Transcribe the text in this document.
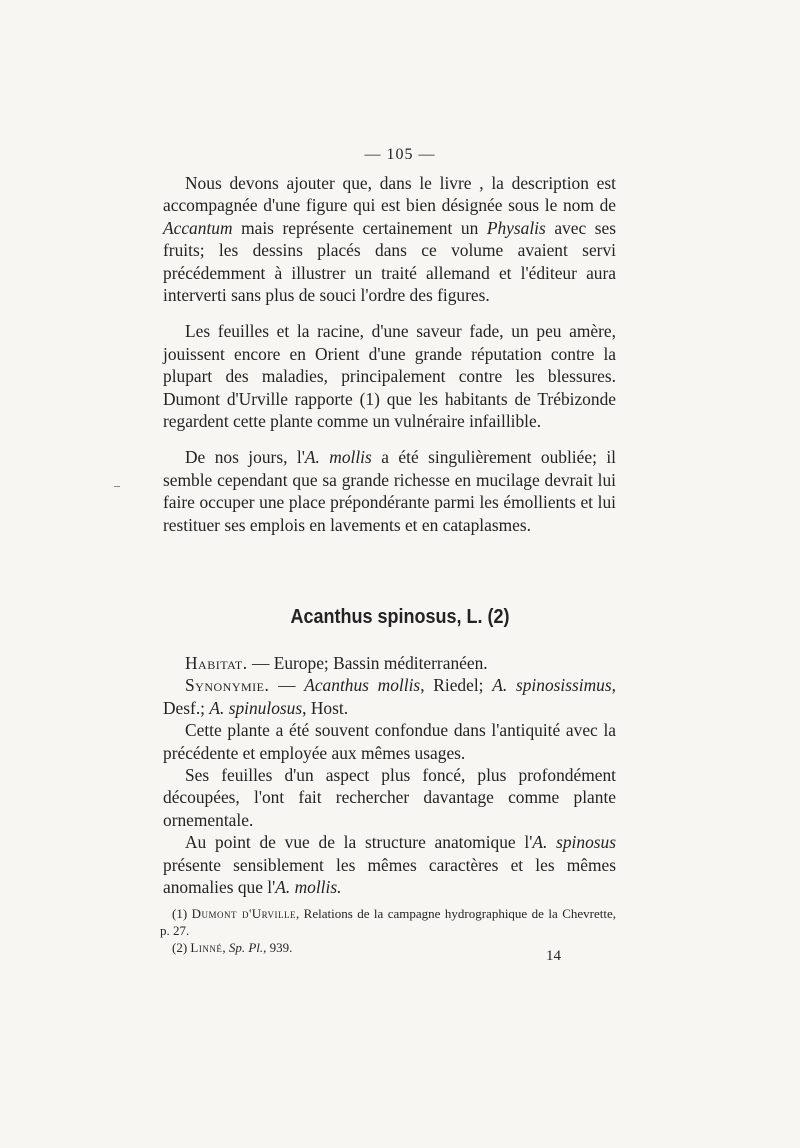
— 105 —

Nous devons ajouter que, dans le livre , la description est accompagnée d'une figure qui est bien désignée sous le nom de Accantum mais représente certainement un Physalis avec ses fruits; les dessins placés dans ce volume avaient servi précédemment à illustrer un traité allemand et l'éditeur aura interverti sans plus de souci l'ordre des figures.

Les feuilles et la racine, d'une saveur fade, un peu amère, jouissent encore en Orient d'une grande réputation contre la plupart des maladies, principalement contre les blessures. Dumont d'Urville rapporte (1) que les habitants de Trébizonde regardent cette plante comme un vulnéraire infaillible.

De nos jours, l'A. mollis a été singulièrement oubliée; il semble cependant que sa grande richesse en mucilage devrait lui faire occuper une place prépondérante parmi les émollients et lui restituer ses emplois en lavements et en cataplasmes.

Acanthus spinosus, L. (2)

Habitat. — Europe; Bassin méditerranéen.

Synonymie. — Acanthus mollis, Riedel; A. spinosissimus, Desf.; A. spinulosus, Host.

Cette plante a été souvent confondue dans l'antiquité avec la précédente et employée aux mêmes usages.

Ses feuilles d'un aspect plus foncé, plus profondément découpées, l'ont fait rechercher davantage comme plante ornementale.

Au point de vue de la structure anatomique l'A. spinosus présente sensiblement les mêmes caractères et les mêmes anomalies que l'A. mollis.

(1) Dumont d'Urville, Relations de la campagne hydrographique de la Chevrette, p. 27.

(2) Linné, Sp. Pl., 939.

14
